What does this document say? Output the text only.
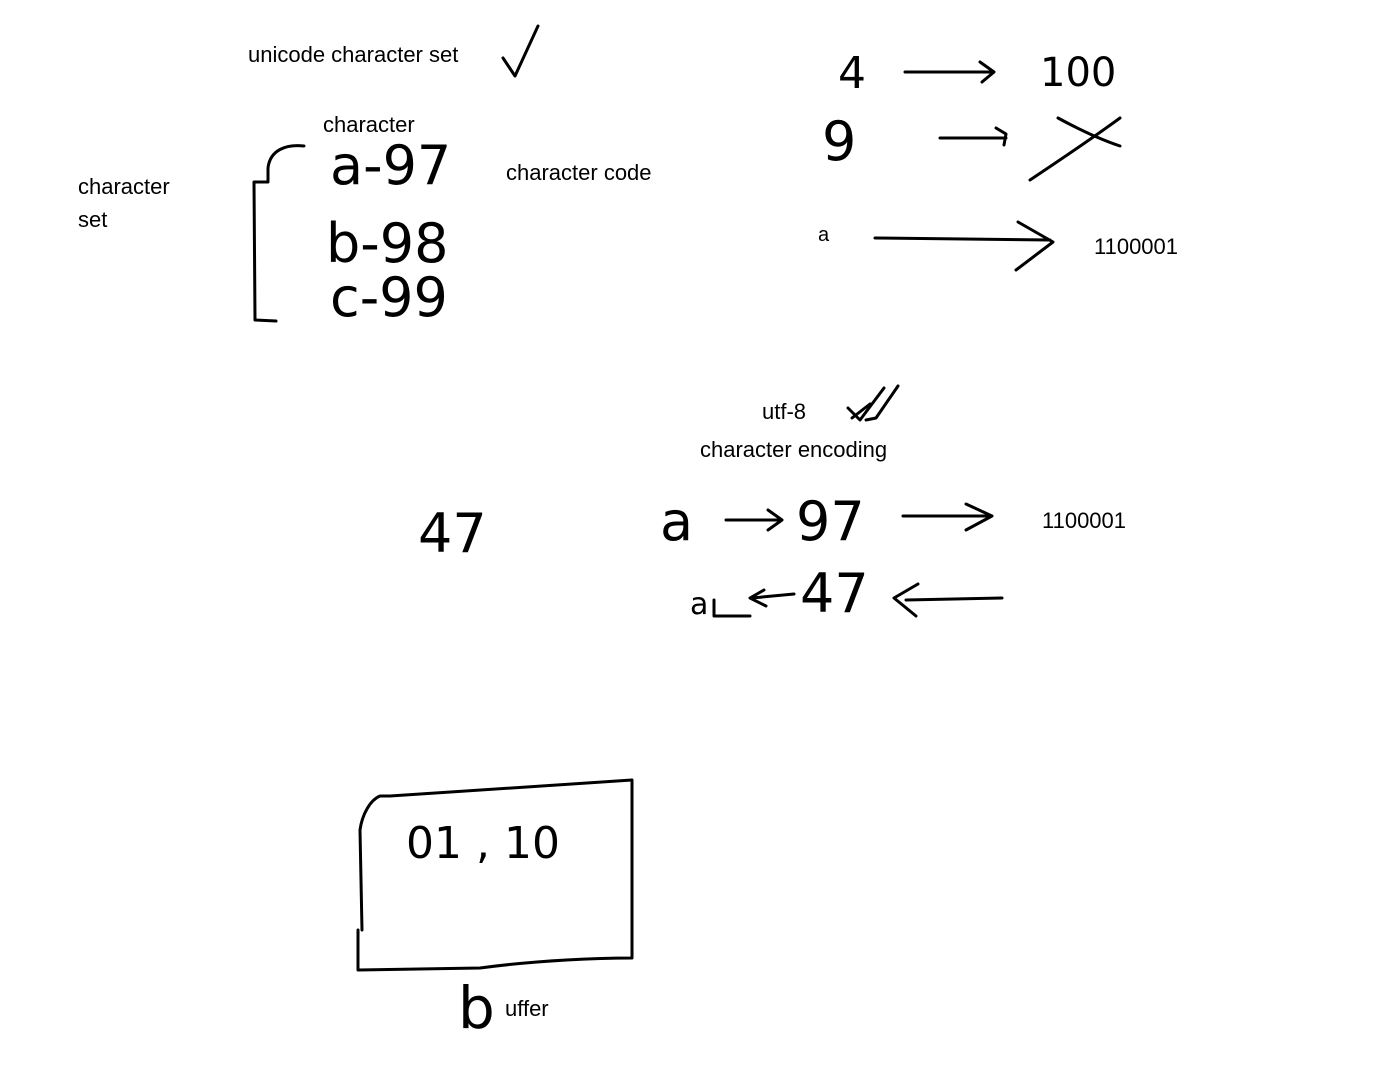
unicode character set
character
character
set
character code
a	1100001
utf-8
character encoding
1100001
uffer
a-97
b-98
c-99
4	100
9
47	a 97
a 47
01 , 10
b
